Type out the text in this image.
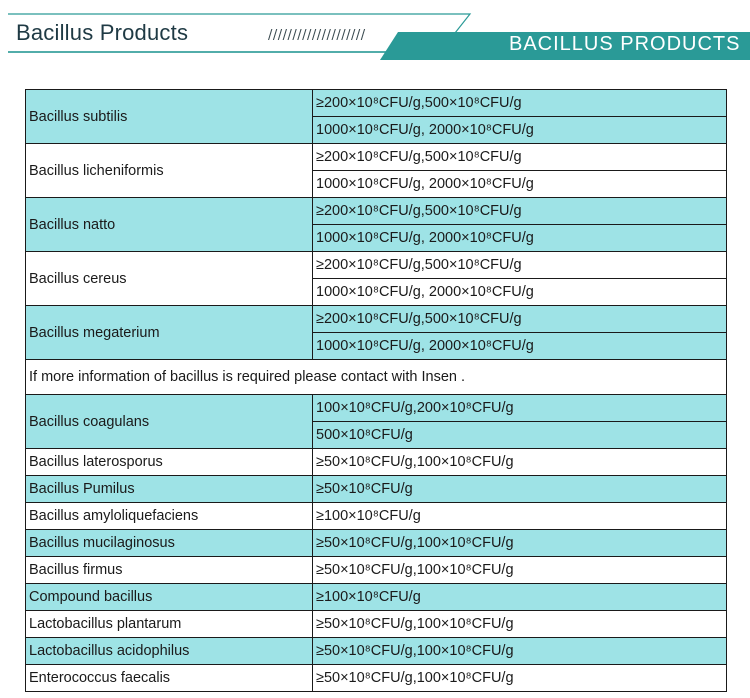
Bacillus Products	////////////////////	BACILLUS PRODUCTS
Bacillus subtilis	≥200×10⁸CFU/g,500×10⁸CFU/g
	1000×10⁸CFU/g, 2000×10⁸CFU/g
Bacillus licheniformis	≥200×10⁸CFU/g,500×10⁸CFU/g
	1000×10⁸CFU/g, 2000×10⁸CFU/g
Bacillus natto	≥200×10⁸CFU/g,500×10⁸CFU/g
	1000×10⁸CFU/g, 2000×10⁸CFU/g
Bacillus cereus	≥200×10⁸CFU/g,500×10⁸CFU/g
	1000×10⁸CFU/g, 2000×10⁸CFU/g
Bacillus megaterium	≥200×10⁸CFU/g,500×10⁸CFU/g
	1000×10⁸CFU/g, 2000×10⁸CFU/g
If more information of bacillus is required please contact with Insen .	
Bacillus coagulans	100×10⁸CFU/g,200×10⁸CFU/g
	500×10⁸CFU/g
Bacillus laterosporus	≥50×10⁸CFU/g,100×10⁸CFU/g
Bacillus Pumilus	≥50×10⁸CFU/g
Bacillus amyloliquefaciens	≥100×10⁸CFU/g
Bacillus mucilaginosus	≥50×10⁸CFU/g,100×10⁸CFU/g
Bacillus firmus	≥50×10⁸CFU/g,100×10⁸CFU/g
Compound bacillus	≥100×10⁸CFU/g
Lactobacillus plantarum	≥50×10⁸CFU/g,100×10⁸CFU/g
Lactobacillus acidophilus	≥50×10⁸CFU/g,100×10⁸CFU/g
Enterococcus faecalis	≥50×10⁸CFU/g,100×10⁸CFU/g
